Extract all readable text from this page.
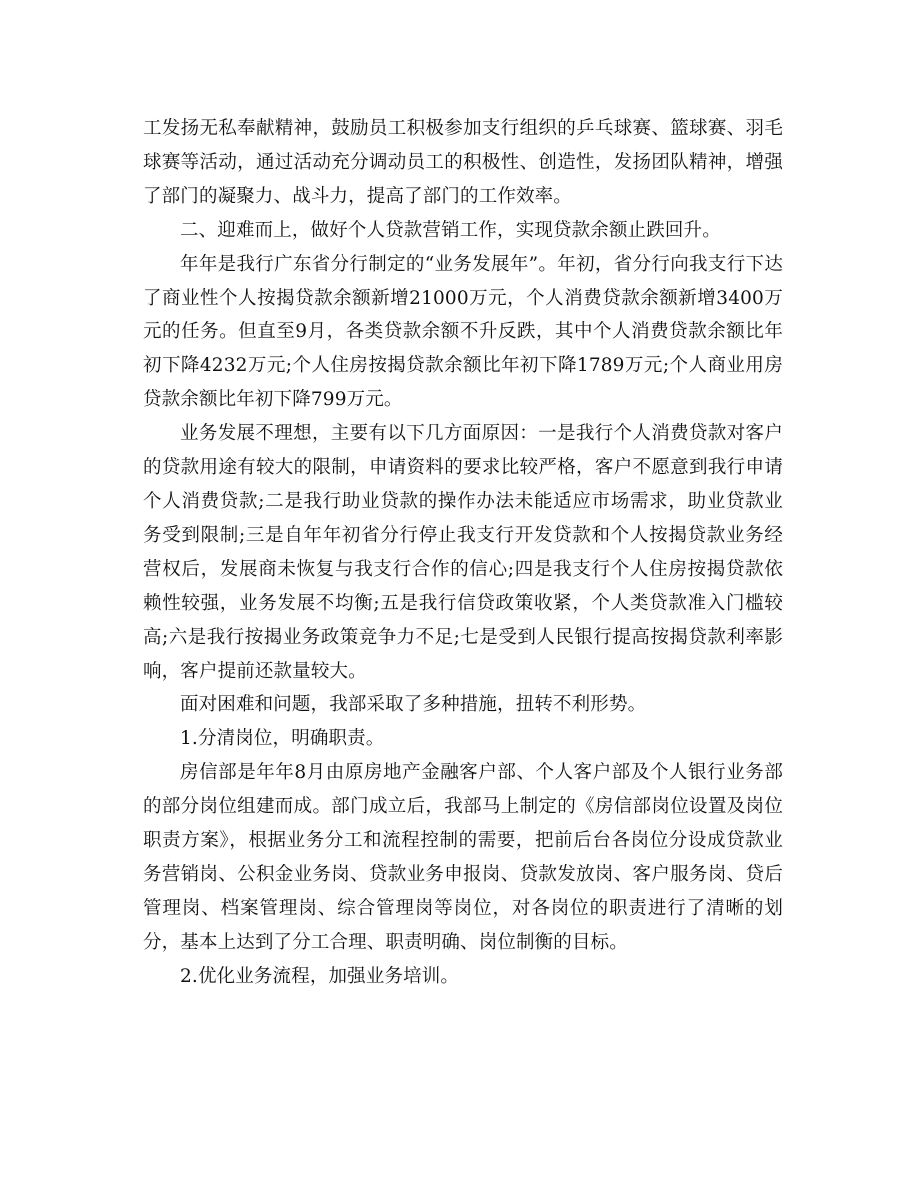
工发扬无私奉献精神，鼓励员工积极参加支行组织的乒乓球赛、篮球赛、羽毛球赛等活动，通过活动充分调动员工的积极性、创造性，发扬团队精神，增强了部门的凝聚力、战斗力，提高了部门的工作效率。

二、迎难而上，做好个人贷款营销工作，实现贷款余额止跌回升。

年年是我行广东省分行制定的“业务发展年”。年初，省分行向我支行下达了商业性个人按揭贷款余额新增21000万元，个人消费贷款余额新增3400万元的任务。但直至9月，各类贷款余额不升反跌，其中个人消费贷款余额比年初下降4232万元;个人住房按揭贷款余额比年初下降1789万元;个人商业用房贷款余额比年初下降799万元。

业务发展不理想，主要有以下几方面原因：一是我行个人消费贷款对客户的贷款用途有较大的限制，申请资料的要求比较严格，客户不愿意到我行申请个人消费贷款;二是我行助业贷款的操作办法未能适应市场需求，助业贷款业务受到限制;三是自年年初省分行停止我支行开发贷款和个人按揭贷款业务经营权后，发展商未恢复与我支行合作的信心;四是我支行个人住房按揭贷款依赖性较强，业务发展不均衡;五是我行信贷政策收紧，个人类贷款准入门槛较高;六是我行按揭业务政策竞争力不足;七是受到人民银行提高按揭贷款利率影响，客户提前还款量较大。

面对困难和问题，我部采取了多种措施，扭转不利形势。

1.分清岗位，明确职责。

房信部是年年8月由原房地产金融客户部、个人客户部及个人银行业务部的部分岗位组建而成。部门成立后，我部马上制定的《房信部岗位设置及岗位职责方案》，根据业务分工和流程控制的需要，把前后台各岗位分设成贷款业务营销岗、公积金业务岗、贷款业务申报岗、贷款发放岗、客户服务岗、贷后管理岗、档案管理岗、综合管理岗等岗位，对各岗位的职责进行了清晰的划分，基本上达到了分工合理、职责明确、岗位制衡的目标。

2.优化业务流程，加强业务培训。
